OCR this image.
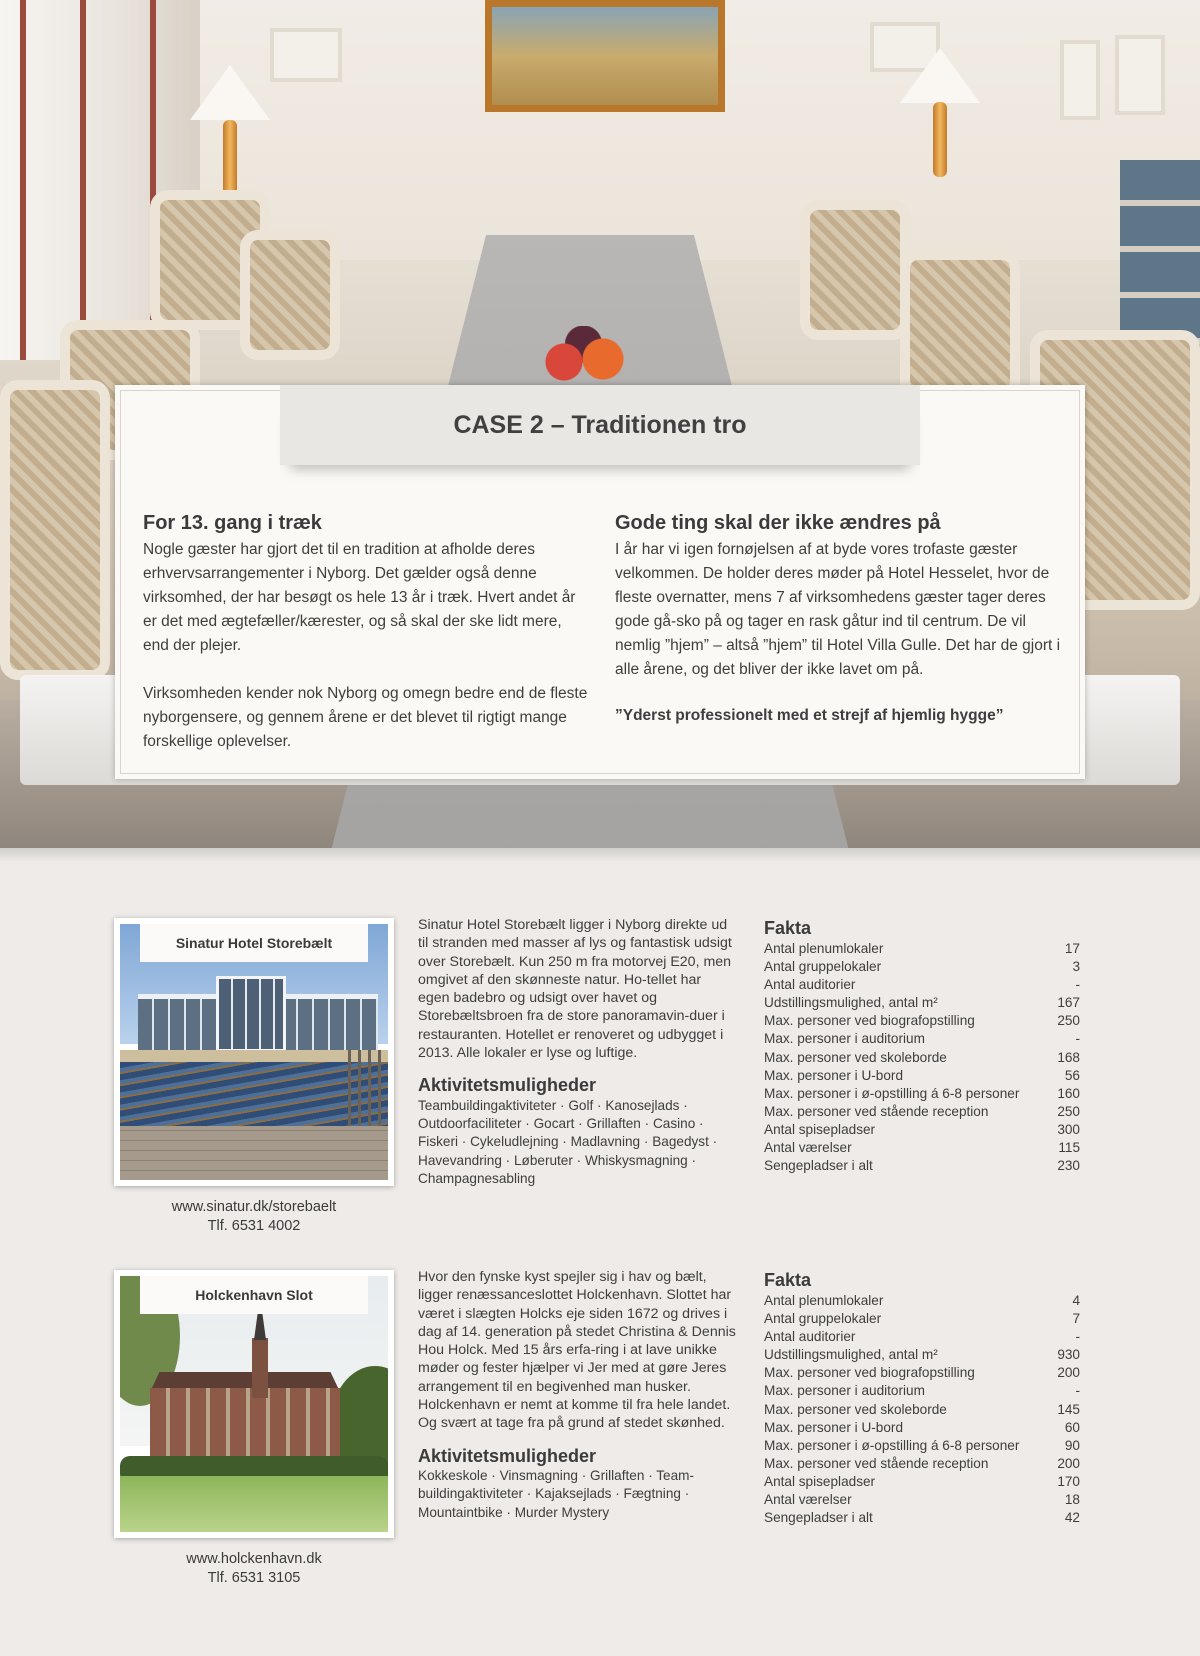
CASE 2 – Traditionen tro
For 13. gang i træk

Nogle gæster har gjort det til en tradition at afholde deres erhvervsarrangementer i Nyborg. Det gælder også denne virksomhed, der har besøgt os hele 13 år i træk. Hvert andet år er det med ægtefæller/kærester, og så skal der ske lidt mere, end der plejer.

Virksomheden kender nok Nyborg og omegn bedre end de fleste nyborgensere, og gennem årene er det blevet til rigtigt mange forskellige oplevelser.

Gode ting skal der ikke ændres på

I år har vi igen fornøjelsen af at byde vores trofaste gæster velkommen. De holder deres møder på Hotel Hesselet, hvor de fleste overnatter, mens 7 af virksomhedens gæster tager deres gode gå-sko på og tager en rask gåtur ind til centrum. De vil nemlig ”hjem” – altså ”hjem” til Hotel Villa Gulle. Det har de gjort i alle årene, og det bliver der ikke lavet om på.

”Yderst professionelt med et strejf af hjemlig hygge”

Sinatur Hotel Storebælt
www.sinatur.dk/storebaelt
Tlf. 6531 4002

Sinatur Hotel Storebælt ligger i Nyborg direkte ud til stranden med masser af lys og fantastisk udsigt over Storebælt. Kun 250 m fra motorvej E20, men omgivet af den skønneste natur. Ho-tellet har egen badebro og udsigt over havet og Storebæltsbroen fra de store panoramavin-duer i restauranten. Hotellet er renoveret og udbygget i 2013. Alle lokaler er lyse og luftige.

Aktivitetsmuligheder

Teambuildingaktiviteter · Golf · Kanosejlads · Outdoorfaciliteter · Gocart · Grillaften · Casino · Fiskeri · Cykeludlejning · Madlavning · Bagedyst · Havevandring · Løberuter · Whiskysmagning · Champagnesabling

Fakta
Antal plenumlokaler	17
Antal gruppelokaler	3
Antal auditorier	-
Udstillingsmulighed, antal m²	167
Max. personer ved biografopstilling	250
Max. personer i auditorium	-
Max. personer ved skoleborde	168
Max. personer i U-bord	56
Max. personer i ø-opstilling á 6-8 personer	160
Max. personer ved stående reception	250
Antal spisepladser	300
Antal værelser	115
Sengepladser i alt	230
Holckenhavn Slot
www.holckenhavn.dk
Tlf. 6531 3105

Hvor den fynske kyst spejler sig i hav og bælt, ligger renæssanceslottet Holckenhavn. Slottet har været i slægten Holcks eje siden 1672 og drives i dag af 14. generation på stedet Christina & Dennis Hou Holck. Med 15 års erfa-ring i at lave unikke møder og fester hjælper vi Jer med at gøre Jeres arrangement til en begivenhed man husker. Holckenhavn er nemt at komme til fra hele landet. Og svært at tage fra på grund af stedet skønhed.

Aktivitetsmuligheder

Kokkeskole · Vinsmagning · Grillaften · Team-buildingaktiviteter · Kajaksejlads · Fægtning · Mountaintbike · Murder Mystery

Fakta
Antal plenumlokaler	4
Antal gruppelokaler	7
Antal auditorier	-
Udstillingsmulighed, antal m²	930
Max. personer ved biografopstilling	200
Max. personer i auditorium	-
Max. personer ved skoleborde	145
Max. personer i U-bord	60
Max. personer i ø-opstilling á 6-8 personer	90
Max. personer ved stående reception	200
Antal spisepladser	170
Antal værelser	18
Sengepladser i alt	42
